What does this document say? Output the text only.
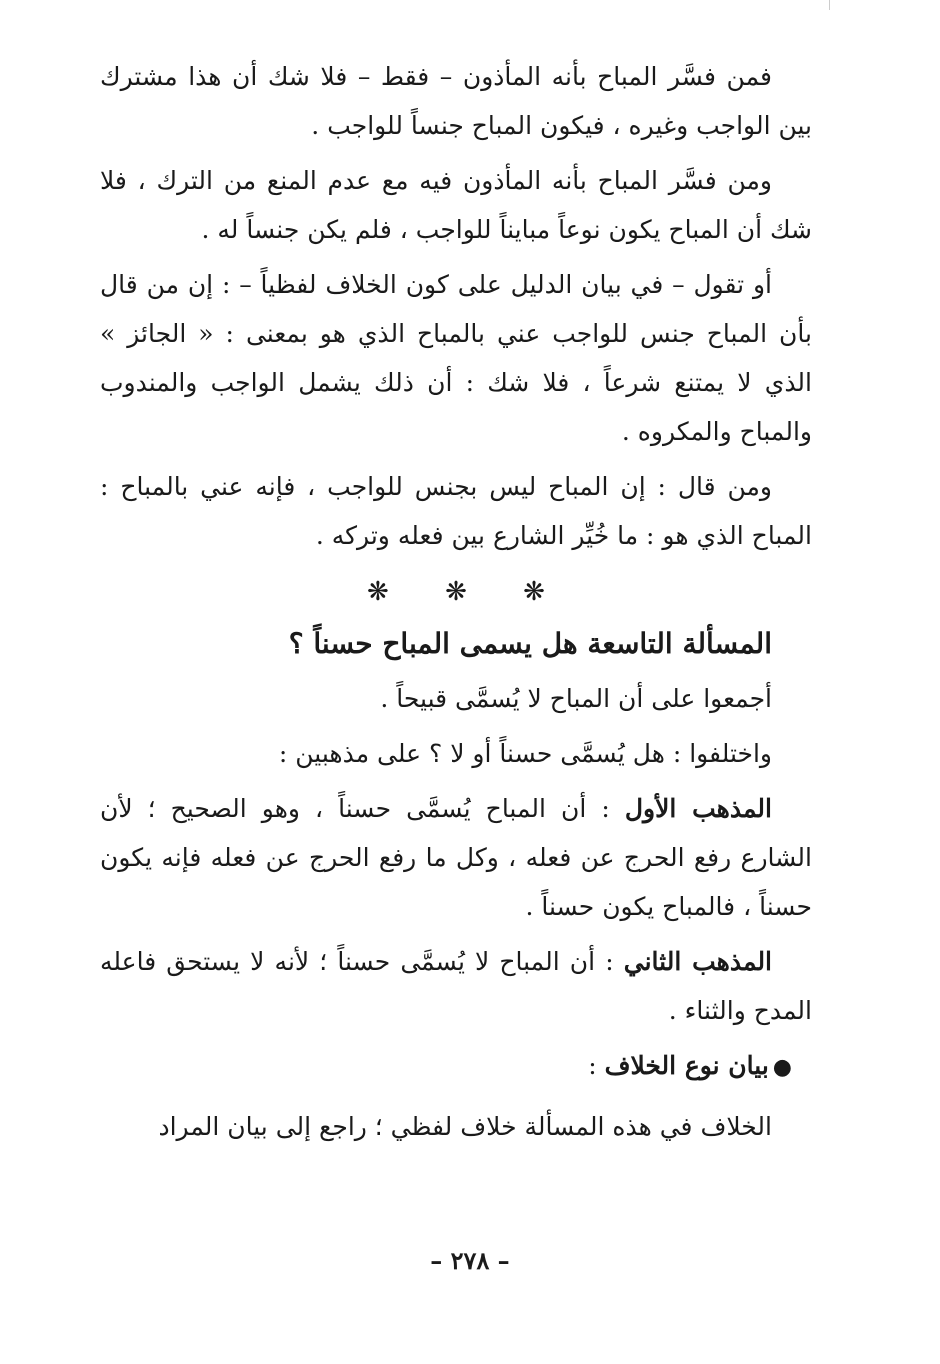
فمن فسَّر المباح بأنه المأذون – فقط – فلا شك أن هذا مشترك بين الواجب وغيره ، فيكون المباح جنساً للواجب .

ومن فسَّر المباح بأنه المأذون فيه مع عدم المنع من الترك ، فلا شك أن المباح يكون نوعاً مبايناً للواجب ، فلم يكن جنساً له .

أو تقول – في بيان الدليل على كون الخلاف لفظياً – : إن من قال بأن المباح جنس للواجب عني بالمباح الذي هو بمعنى : « الجائز » الذي لا يمتنع شرعاً ، فلا شك : أن ذلك يشمل الواجب والمندوب والمباح والمكروه .

ومن قال : إن المباح ليس بجنس للواجب ، فإنه عني بالمباح : المباح الذي هو : ما خُيِّر الشارع بين فعله وتركه .

❋ ❋ ❋
المسألة التاسعة هل يسمى المباح حسناً ؟

أجمعوا على أن المباح لا يُسمَّى قبيحاً .

واختلفوا : هل يُسمَّى حسناً أو لا ؟ على مذهبين :

المذهب الأول : أن المباح يُسمَّى حسناً ، وهو الصحيح ؛ لأن الشارع رفع الحرج عن فعله ، وكل ما رفع الحرج عن فعله فإنه يكون حسناً ، فالمباح يكون حسناً .

المذهب الثاني : أن المباح لا يُسمَّى حسناً ؛ لأنه لا يستحق فاعله المدح والثناء .

●بيان نوع الخلاف :

الخلاف في هذه المسألة خلاف لفظي ؛ راجع إلى بيان المراد

– ٢٧٨ –
